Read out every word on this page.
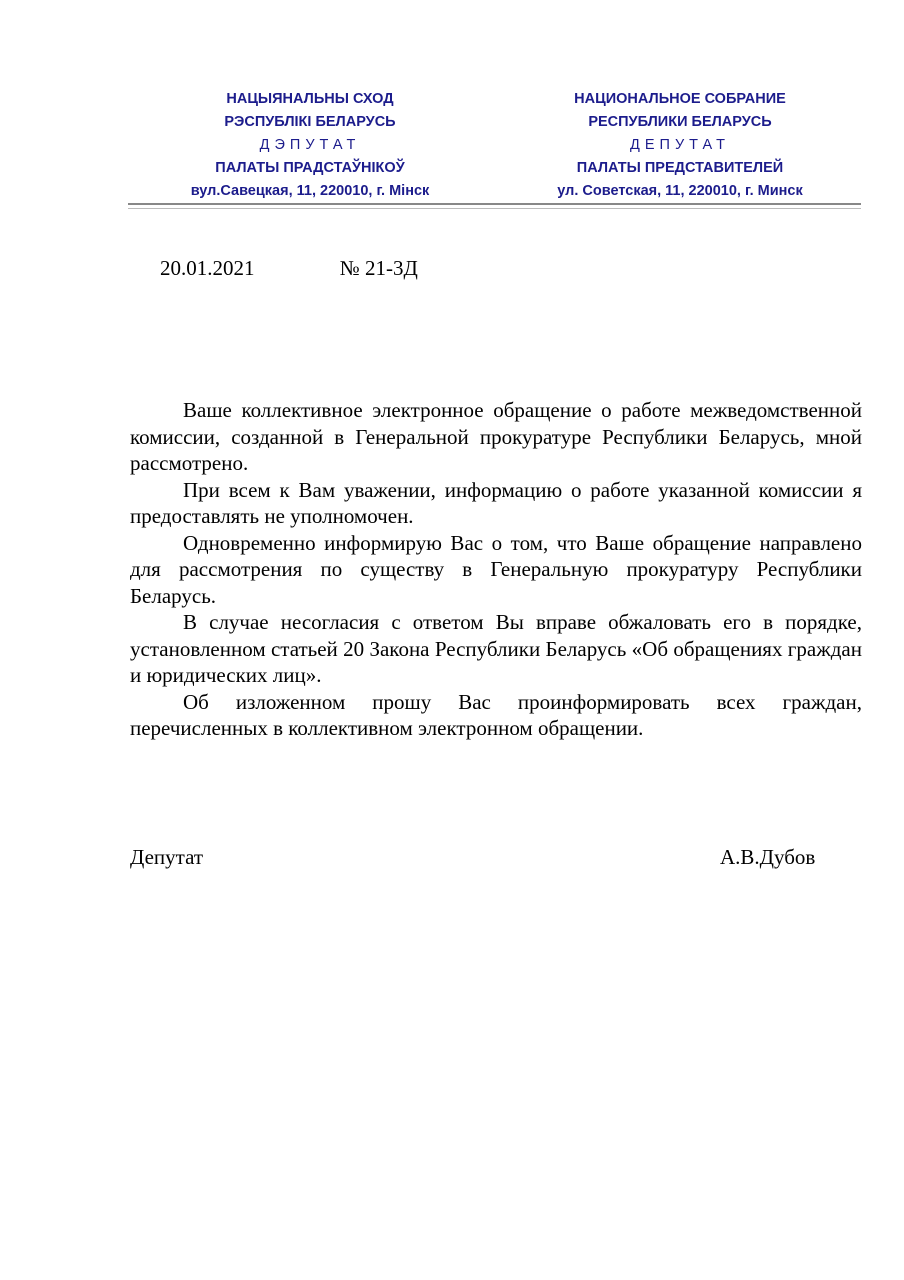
НАЦЫЯНАЛЬНЫ СХОД
РЭСПУБЛІКІ БЕЛАРУСЬ
ДЭПУТАТ
ПАЛАТЫ ПРАДСТАЎНІКОЎ
вул.Савецкая, 11, 220010, г. Мінск
НАЦИОНАЛЬНОЕ СОБРАНИЕ
РЕСПУБЛИКИ БЕЛАРУСЬ
ДЕПУТАТ
ПАЛАТЫ ПРЕДСТАВИТЕЛЕЙ
ул. Советская, 11, 220010, г. Минск
20.01.2021	№ 21-3Д

Ваше коллективное электронное обращение о работе межведомственной комиссии, созданной в Генеральной прокуратуре Республики Беларусь, мной рассмотрено.

При всем к Вам уважении, информацию о работе указанной комиссии я предоставлять не уполномочен.

Одновременно информирую Вас о том, что Ваше обращение направлено для рассмотрения по существу в Генеральную прокуратуру Республики Беларусь.

В случае несогласия с ответом Вы вправе обжаловать его в порядке, установленном статьей 20 Закона Республики Беларусь «Об обращениях граждан и юридических лиц».

Об изложенном прошу Вас проинформировать всех граждан, перечисленных в коллективном электронном обращении.

Депутат	А.В.Дубов
